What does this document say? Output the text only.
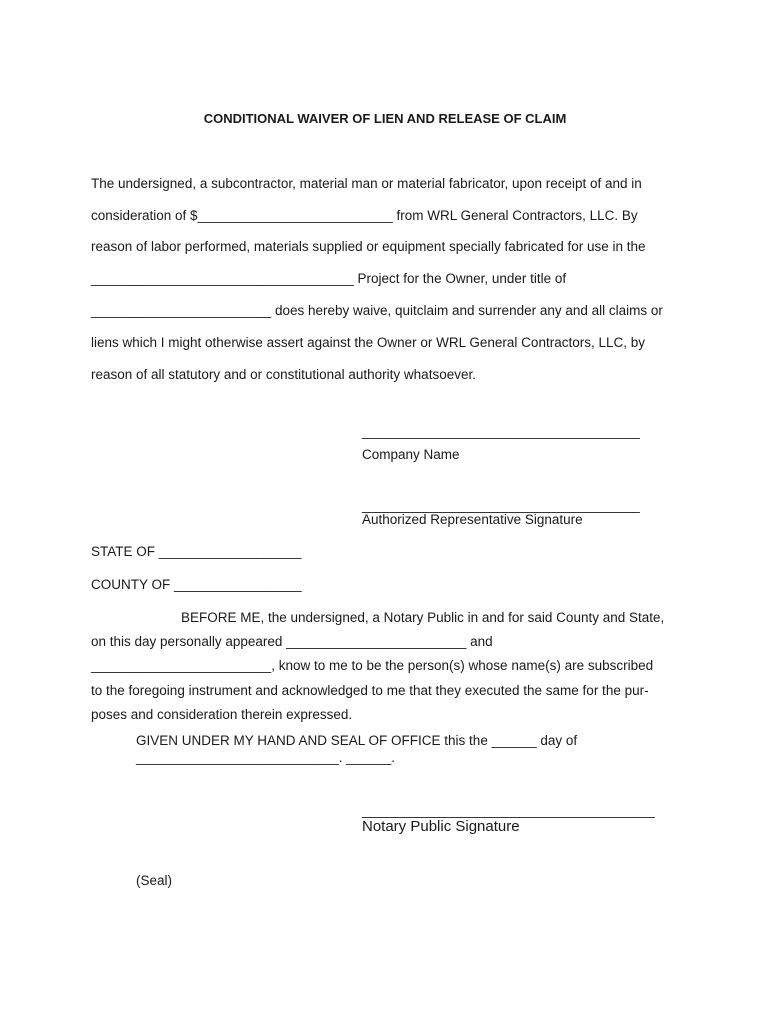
CONDITIONAL WAIVER OF LIEN AND RELEASE OF CLAIM
The undersigned, a subcontractor, material man or material fabricator, upon receipt of and in
consideration of $__________________________ from WRL General Contractors, LLC. By
reason of labor performed, materials supplied or equipment specially fabricated for use in the
___________________________________ Project for the Owner, under title of
________________________ does hereby waive, quitclaim and surrender any and all claims or
liens which I might otherwise assert against the Owner or WRL General Contractors, LLC, by
reason of all statutory and or constitutional authority whatsoever.
_____________________________________
Company Name
_____________________________________
Authorized Representative Signature
STATE OF ___________________
COUNTY OF _________________
BEFORE ME, the undersigned, a Notary Public in and for said County and State,
on this day personally appeared ________________________ and
________________________, know to me to be the person(s) whose name(s) are subscribed
to the foregoing instrument and acknowledged to me that they executed the same for the pur-
poses and consideration therein expressed.
GIVEN UNDER MY HAND AND SEAL OF OFFICE this the ______ day of
___________________________. ______.
_______________________________________
Notary Public Signature
(Seal)
